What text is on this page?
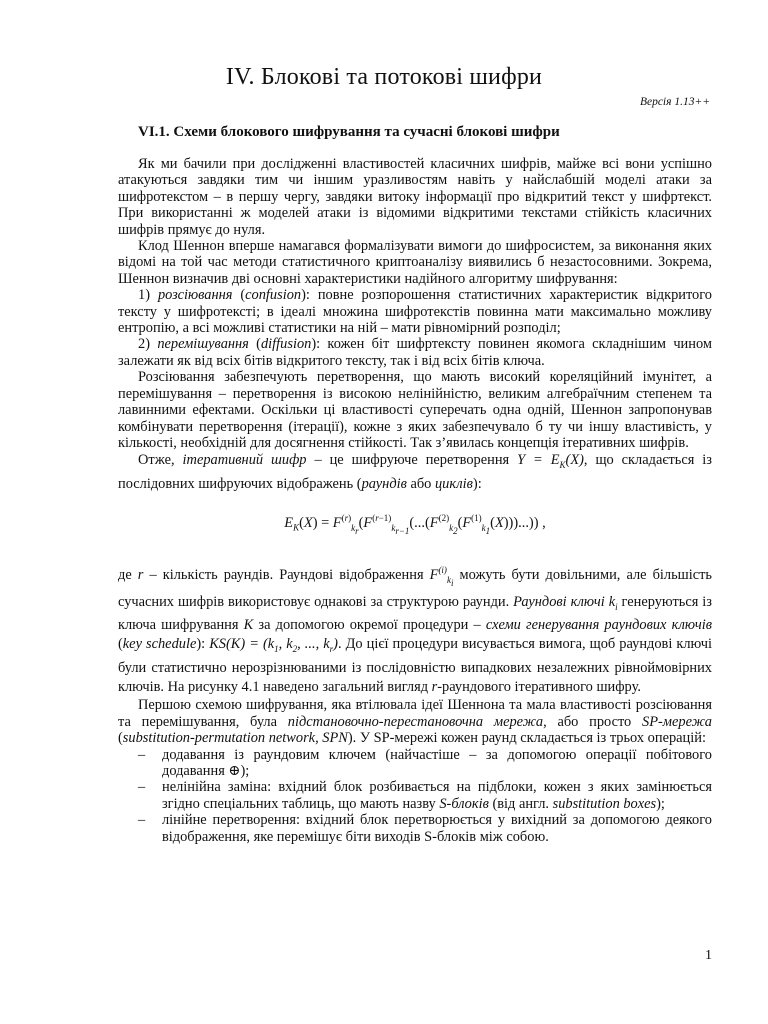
IV. Блокові та потокові шифри
Версія 1.13++
VI.1. Схеми блокового шифрування та сучасні блокові шифри

Як ми бачили при дослідженні властивостей класичних шифрів, майже всі вони успішно атакуються завдяки тим чи іншим уразливостям навіть у найслабшій моделі атаки за шифротекстом – в першу чергу, завдяки витоку інформації про відкритий текст у шифртекст. При використанні ж моделей атаки із відомими відкритими текстами стійкість класичних шифрів прямує до нуля.

Клод Шеннон вперше намагався формалізувати вимоги до шифросистем, за виконання яких відомі на той час методи статистичного криптоаналізу виявились б незастосовними. Зокрема, Шеннон визначив дві основні характеристики надійного алгоритму шифрування:

1) розсіювання (confusion): повне розпорошення статистичних характеристик відкритого тексту у шифротексті; в ідеалі множина шифротекстів повинна мати максимально можливу ентропію, а всі можливі статистики на ній – мати рівномірний розподіл;

2) перемішування (diffusion): кожен біт шифртексту повинен якомога складнішим чином залежати як від всіх бітів відкритого тексту, так і від всіх бітів ключа.

Розсіювання забезпечують перетворення, що мають високий кореляційний імунітет, а перемішування – перетворення із високою нелінійністю, великим алгебраїчним степенем та лавинними ефектами. Оскільки ці властивості суперечать одна одній, Шеннон запропонував комбінувати перетворення (ітерації), кожне з яких забезпечувало б ту чи іншу властивість, у кількості, необхідній для досягнення стійкості. Так з’явилась концепція ітеративних шифрів.

Отже, ітеративний шифр – це шифруюче перетворення $Y = E_K(X)$, що складається із послідовних шифруючих відображень (раундів або циклів):

$E_K(X) = F^{(r)}_{k_r}(F^{(r-1)}_{k_{r-1}}(...(F^{(2)}_{k_2}(F^{(1)}_{k_1}(X)))...))$ ,

де r – кількість раундів. Раундові відображення $F^{(i)}_{k_i}$ можуть бути довільними, але більшість сучасних шифрів використовує однакові за структурою раунди. Раундові ключі $k_i$ генеруються із ключа шифрування K за допомогою окремої процедури – схеми генерування раундових ключів (key schedule): $KS(K) = (k_1$, $k_2$, ..., $k_r$). До цієї процедури висувається вимога, щоб раундові ключі були статистично нерозрізнюваними із послідовністю випадкових незалежних рівноймовірних ключів. На рисунку 4.1 наведено загальний вигляд r-раундового ітеративного шифру.

Першою схемою шифрування, яка втілювала ідеї Шеннона та мала властивості розсіювання та перемішування, була підстановочно-перестановочна мережа, або просто SP-мережа (substitution-permutation network, SPN). У SP-мережі кожен раунд складається із трьох операцій:

– додавання із раундовим ключем (найчастіше – за допомогою операції побітового додавання ⊕);
– нелінійна заміна: вхідний блок розбивається на підблоки, кожен з яких замінюється згідно спеціальних таблиць, що мають назву S-блоків (від англ. substitution boxes);
– лінійне перетворення: вхідний блок перетворюється у вихідний за допомогою деякого відображення, яке перемішує біти виходів S-блоків між собою.
1
